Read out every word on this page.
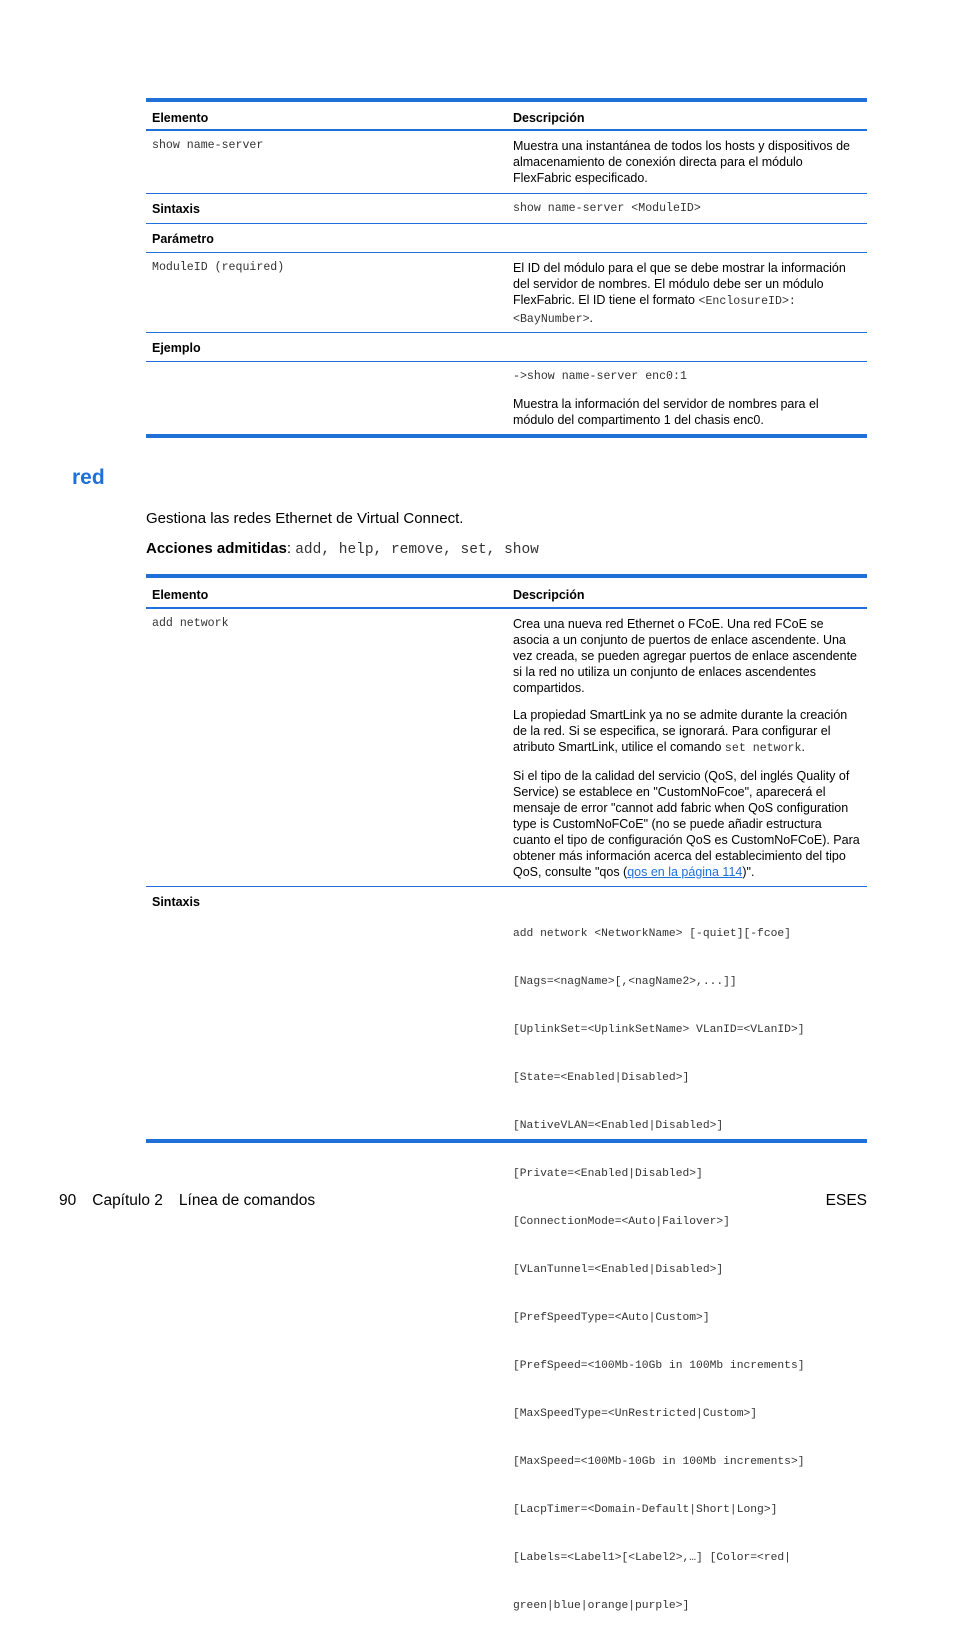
Elemento	Descripción
show name-server	Muestra una instantánea de todos los hosts y dispositivos de almacenamiento de conexión directa para el módulo FlexFabric especificado.
Sintaxis	show name-server <ModuleID>
Parámetro
ModuleID (required)	El ID del módulo para el que se debe mostrar la información del servidor de nombres. El módulo debe ser un módulo FlexFabric. El ID tiene el formato <EnclosureID>:<BayNumber>.
Ejemplo
->show name-server enc0:1
Muestra la información del servidor de nombres para el módulo del compartimento 1 del chasis enc0.
red
Gestiona las redes Ethernet de Virtual Connect.
Acciones admitidas: add, help, remove, set, show
Elemento	Descripción
add network	Crea una nueva red Ethernet o FCoE. Una red FCoE se asocia a un conjunto de puertos de enlace ascendente. Una vez creada, se pueden agregar puertos de enlace ascendente si la red no utiliza un conjunto de enlaces ascendentes compartidos.
La propiedad SmartLink ya no se admite durante la creación de la red. Si se especifica, se ignorará. Para configurar el atributo SmartLink, utilice el comando set network.
Si el tipo de la calidad del servicio (QoS, del inglés Quality of Service) se establece en "CustomNoFcoe", aparecerá el mensaje de error "cannot add fabric when QoS configuration type is CustomNoFCoE" (no se puede añadir estructura cuanto el tipo de configuración QoS es CustomNoFCoE). Para obtener más información acerca del establecimiento del tipo QoS, consulte "qos (qos en la página 114)".
Sintaxis

add network <NetworkName> [-quiet][-fcoe]

[Nags=<nagName>[,<nagName2>,...]]

[UplinkSet=<UplinkSetName> VLanID=<VLanID>]

[State=<Enabled|Disabled>]

[NativeVLAN=<Enabled|Disabled>]

[Private=<Enabled|Disabled>]

[ConnectionMode=<Auto|Failover>]

[VLanTunnel=<Enabled|Disabled>]

[PrefSpeedType=<Auto|Custom>]

[PrefSpeed=<100Mb-10Gb in 100Mb increments]

[MaxSpeedType=<UnRestricted|Custom>]

[MaxSpeed=<100Mb-10Gb in 100Mb increments>]

[LacpTimer=<Domain-Default|Short|Long>]

[Labels=<Label1>[<Label2>,…] [Color=<red|

green|blue|orange|purple>]

90 Capítulo 2 Línea de comandos	ESES
